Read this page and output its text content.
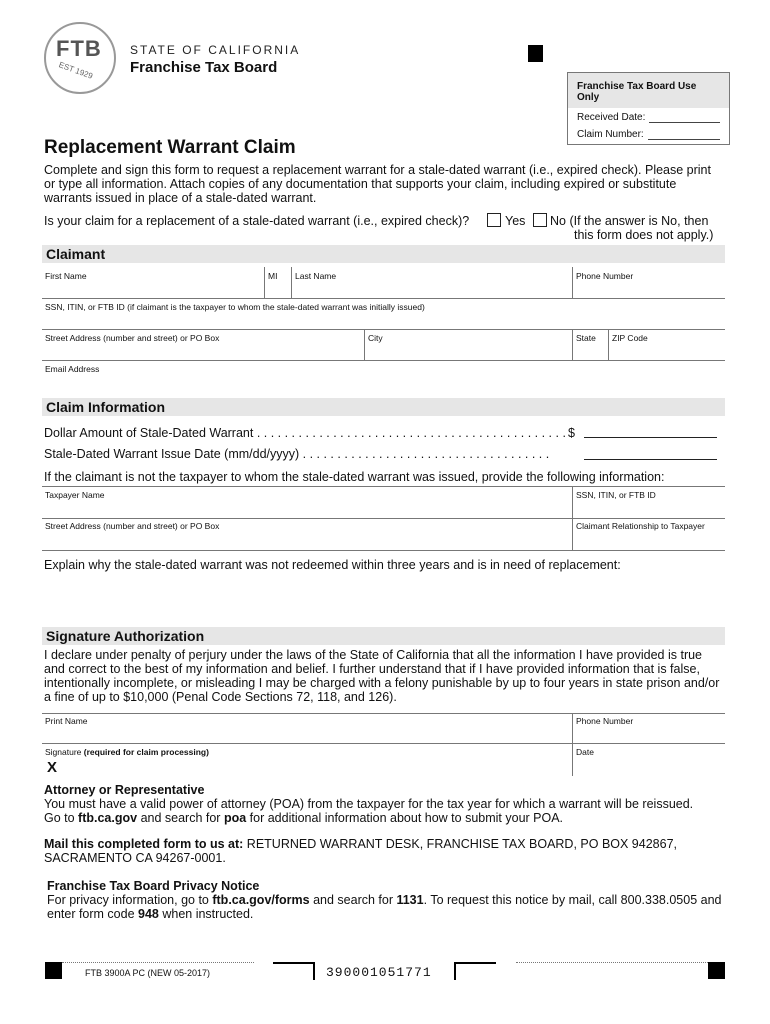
FTB
EST 1929
STATE OF CALIFORNIA
Franchise Tax Board
Franchise Tax Board Use Only
Received Date:
Claim Number:
Replacement Warrant Claim
Complete and sign this form to request a replacement warrant for a stale-dated warrant (i.e., expired check). Please print or type all information. Attach copies of any documentation that supports your claim, including expired or substitute warrants issued in place of a stale-dated warrant.
Is your claim for a replacement of a stale-dated warrant (i.e., expired check)?	Yes No (If the answer is No, then
this form does not apply.)
Claimant
First Name	MI Last Name	Phone Number
SSN, ITIN, or FTB ID (if claimant is the taxpayer to whom the stale-dated warrant was initially issued)
Street Address (number and street) or PO Box	City	State ZIP Code
Email Address
Claim Information
Dollar Amount of Stale-Dated Warrant . . . . . . . . . . . . . . . . . . . . . . . . . . . . . . . . . . . . . . . . . . . . . $
Stale-Dated Warrant Issue Date (mm/dd/yyyy) . . . . . . . . . . . . . . . . . . . . . . . . . . . . . . . . . . . .
If the claimant is not the taxpayer to whom the stale-dated warrant was issued, provide the following information:
Taxpayer Name	SSN, ITIN, or FTB ID
Street Address (number and street) or PO Box	Claimant Relationship to Taxpayer
Explain why the stale-dated warrant was not redeemed within three years and is in need of replacement:
Signature Authorization
I declare under penalty of perjury under the laws of the State of California that all the information I have provided is true and correct to the best of my information and belief. I further understand that if I have provided information that is false, intentionally incomplete, or misleading I may be charged with a felony punishable by up to four years in state prison and/or a fine of up to $10,000 (Penal Code Sections 72, 118, and 126).
Print Name	Phone Number
Signature (required for claim processing)
X
Date
Attorney or Representative
You must have a valid power of attorney (POA) from the taxpayer for the tax year for which a warrant will be reissued.
Go to ftb.ca.gov and search for poa for additional information about how to submit your POA.
Mail this completed form to us at: RETURNED WARRANT DESK, FRANCHISE TAX BOARD, PO BOX 942867,
SACRAMENTO CA 94267-0001.
Franchise Tax Board Privacy Notice
For privacy information, go to ftb.ca.gov/forms and search for 1131. To request this notice by mail, call 800.338.0505 and
enter form code 948 when instructed.
FTB 3900A PC (NEW 05-2017)	390001051771
